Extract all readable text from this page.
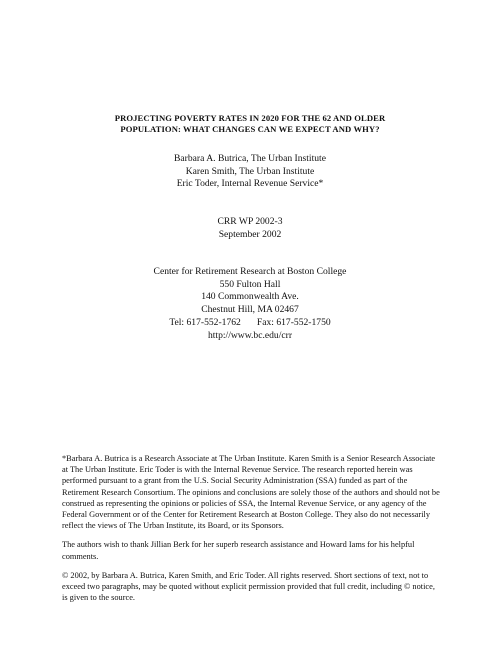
PROJECTING POVERTY RATES IN 2020 FOR THE 62 AND OLDER
POPULATION: WHAT CHANGES CAN WE EXPECT AND WHY?
Barbara A. Butrica, The Urban Institute
Karen Smith, The Urban Institute
Eric Toder, Internal Revenue Service*
CRR WP 2002-3
September 2002
Center for Retirement Research at Boston College
550 Fulton Hall
140 Commonwealth Ave.
Chestnut Hill, MA 02467
Tel: 617-552-1762 Fax: 617-552-1750
http://www.bc.edu/crr

*Barbara A. Butrica is a Research Associate at The Urban Institute. Karen Smith is a Senior Research Associate at The Urban Institute. Eric Toder is with the Internal Revenue Service. The research reported herein was performed pursuant to a grant from the U.S. Social Security Administration (SSA) funded as part of the Retirement Research Consortium. The opinions and conclusions are solely those of the authors and should not be construed as representing the opinions or policies of SSA, the Internal Revenue Service, or any agency of the Federal Government or of the Center for Retirement Research at Boston College. They also do not necessarily reflect the views of The Urban Institute, its Board, or its Sponsors.

The authors wish to thank Jillian Berk for her superb research assistance and Howard Iams for his helpful comments.

© 2002, by Barbara A. Butrica, Karen Smith, and Eric Toder. All rights reserved. Short sections of text, not to exceed two paragraphs, may be quoted without explicit permission provided that full credit, including © notice, is given to the source.
